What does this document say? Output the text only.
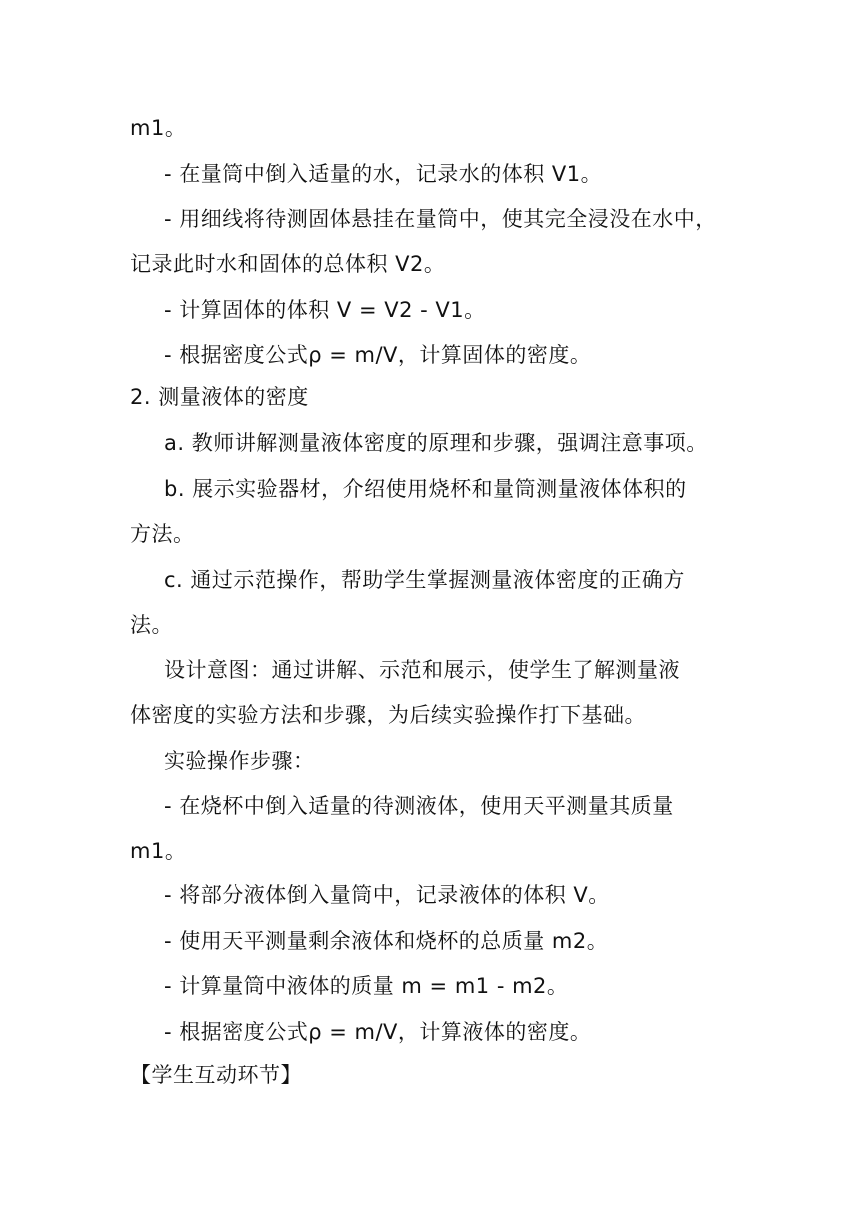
m1。
- 在量筒中倒入适量的水，记录水的体积 V1。
- 用细线将待测固体悬挂在量筒中，使其完全浸没在水中，
记录此时水和固体的总体积 V2。
- 计算固体的体积 V = V2 - V1。
- 根据密度公式ρ = m/V，计算固体的密度。
2. 测量液体的密度
a. 教师讲解测量液体密度的原理和步骤，强调注意事项。
b. 展示实验器材，介绍使用烧杯和量筒测量液体体积的
方法。
c. 通过示范操作，帮助学生掌握测量液体密度的正确方
法。
设计意图：通过讲解、示范和展示，使学生了解测量液
体密度的实验方法和步骤，为后续实验操作打下基础。
实验操作步骤：
- 在烧杯中倒入适量的待测液体，使用天平测量其质量
m1。
- 将部分液体倒入量筒中，记录液体的体积 V。
- 使用天平测量剩余液体和烧杯的总质量 m2。
- 计算量筒中液体的质量 m = m1 - m2。
- 根据密度公式ρ = m/V，计算液体的密度。
【学生互动环节】
